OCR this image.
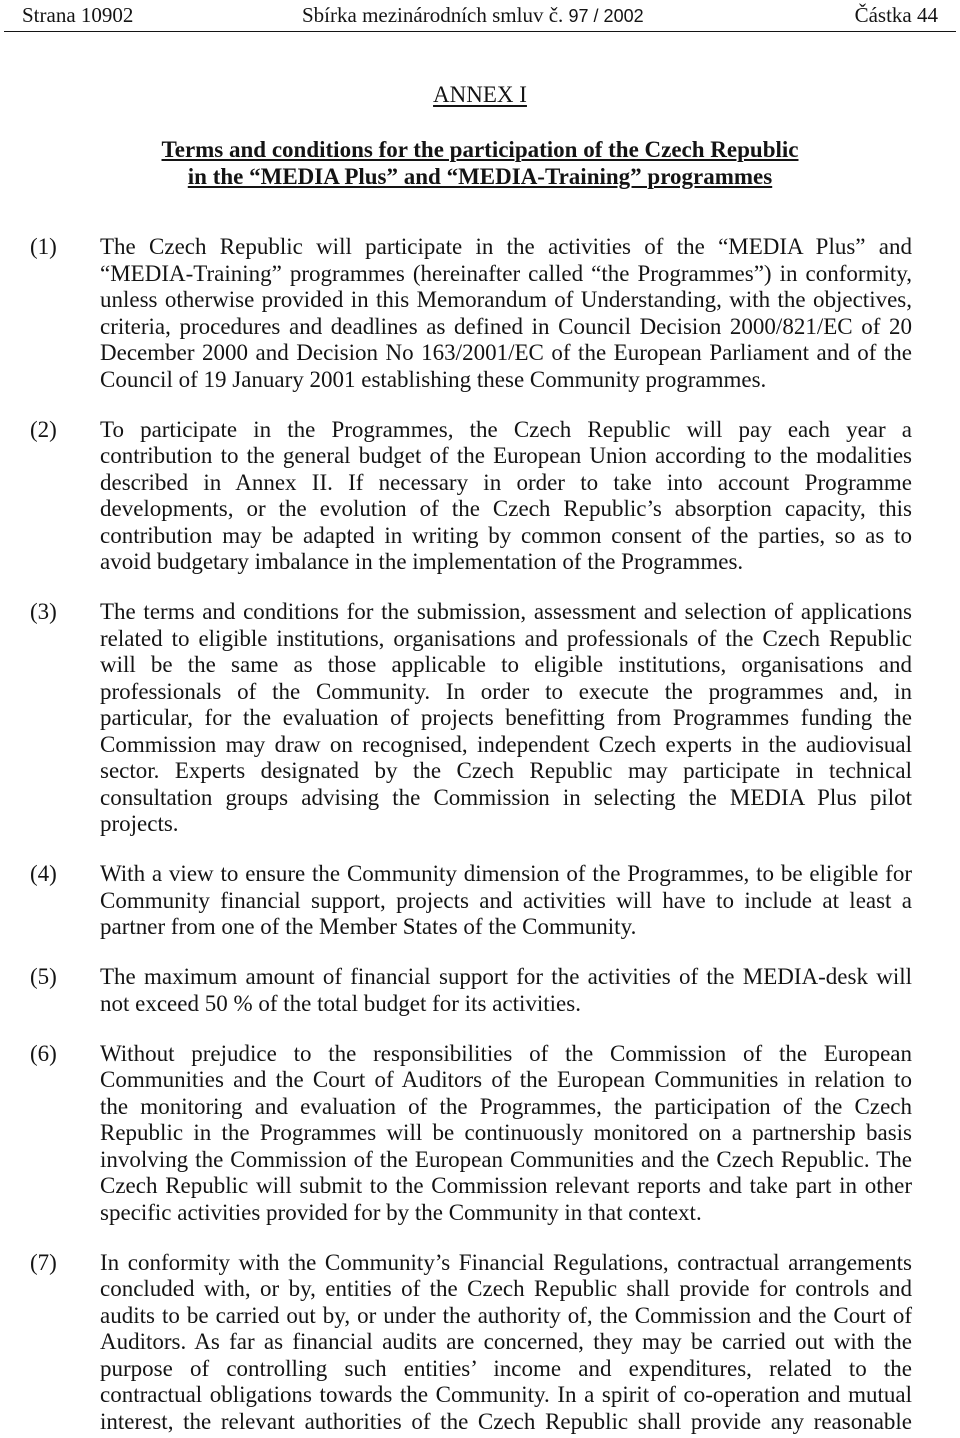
Strana 10902	Sbírka mezinárodních smluv č. 97 / 2002	Částka 44
ANNEX I
Terms and conditions for the participation of the Czech Republic
in the “MEDIA Plus” and “MEDIA-Training” programmes
(1)	The Czech Republic will participate in the activities of the “MEDIA Plus” and
“MEDIA-Training” programmes (hereinafter called “the Programmes”) in conformity,
unless otherwise provided in this Memorandum of Understanding, with the objectives,
criteria, procedures and deadlines as defined in Council Decision 2000/821/EC of 20
December 2000 and Decision No 163/2001/EC of the European Parliament and of the
Council of 19 January 2001 establishing these Community programmes.
(2)	To participate in the Programmes, the Czech Republic will pay each year a
contribution to the general budget of the European Union according to the modalities
described in Annex II. If necessary in order to take into account Programme
developments, or the evolution of the Czech Republic’s absorption capacity, this
contribution may be adapted in writing by common consent of the parties, so as to
avoid budgetary imbalance in the implementation of the Programmes.
(3)	The terms and conditions for the submission, assessment and selection of applications
related to eligible institutions, organisations and professionals of the Czech Republic
will be the same as those applicable to eligible institutions, organisations and
professionals of the Community. In order to execute the programmes and, in
particular, for the evaluation of projects benefitting from Programmes funding the
Commission may draw on recognised, independent Czech experts in the audiovisual
sector. Experts designated by the Czech Republic may participate in technical
consultation groups advising the Commission in selecting the MEDIA Plus pilot
projects.
(4)	With a view to ensure the Community dimension of the Programmes, to be eligible for
Community financial support, projects and activities will have to include at least a
partner from one of the Member States of the Community.
(5)	The maximum amount of financial support for the activities of the MEDIA-desk will
not exceed 50 % of the total budget for its activities.
(6)	Without prejudice to the responsibilities of the Commission of the European
Communities and the Court of Auditors of the European Communities in relation to
the monitoring and evaluation of the Programmes, the participation of the Czech
Republic in the Programmes will be continuously monitored on a partnership basis
involving the Commission of the European Communities and the Czech Republic. The
Czech Republic will submit to the Commission relevant reports and take part in other
specific activities provided for by the Community in that context.
(7)	In conformity with the Community’s Financial Regulations, contractual arrangements
concluded with, or by, entities of the Czech Republic shall provide for controls and
audits to be carried out by, or under the authority of, the Commission and the Court of
Auditors. As far as financial audits are concerned, they may be carried out with the
purpose of controlling such entities’ income and expenditures, related to the
contractual obligations towards the Community. In a spirit of co-operation and mutual
interest, the relevant authorities of the Czech Republic shall provide any reasonable
